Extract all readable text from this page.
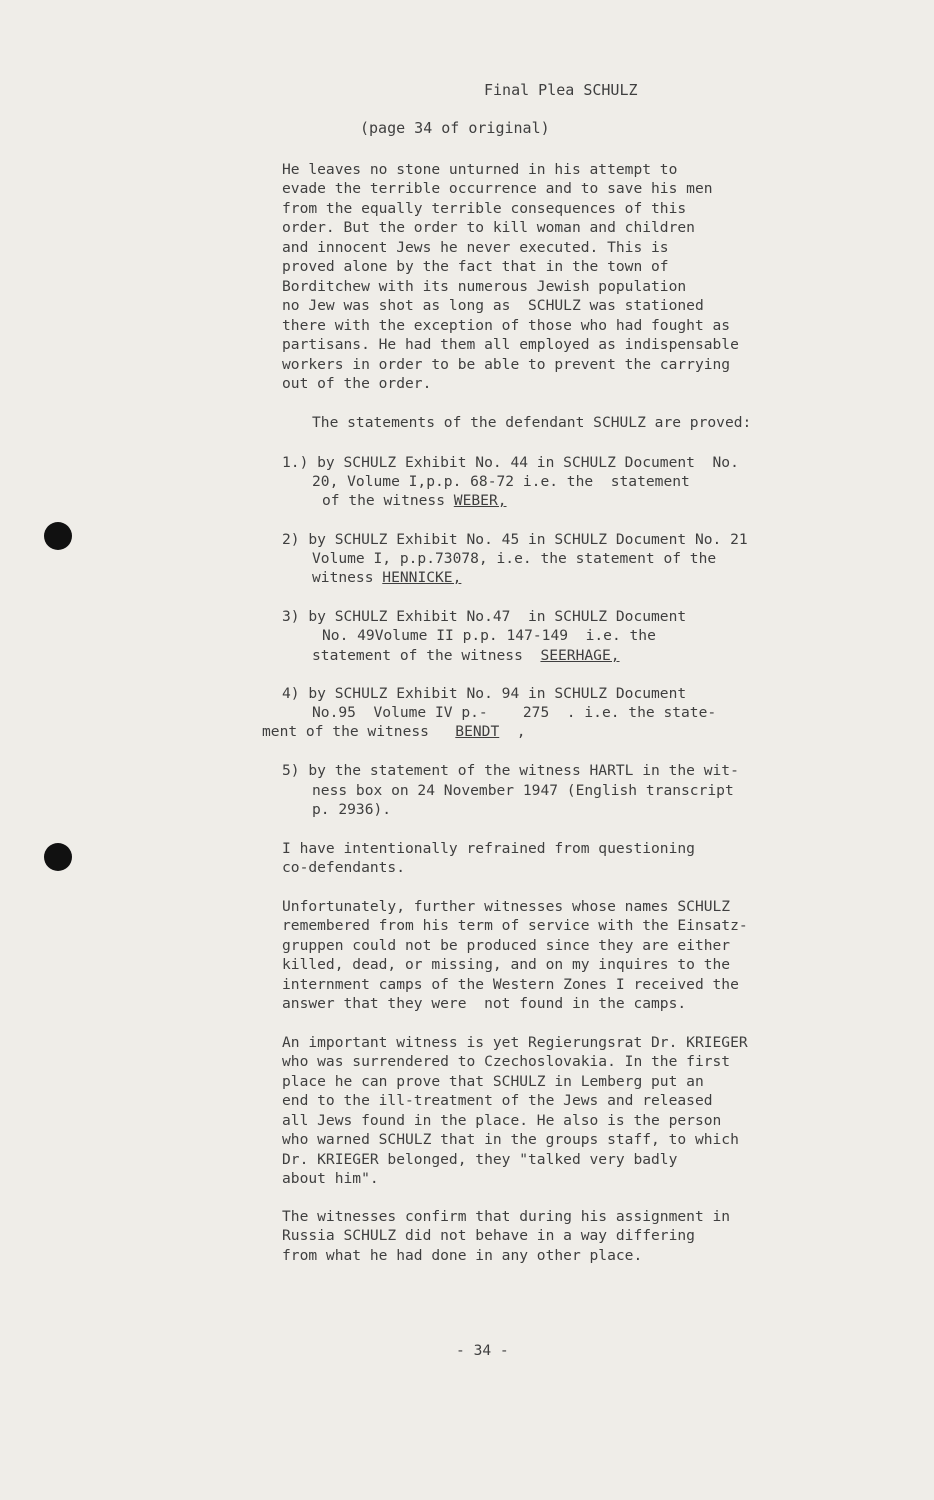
Final Plea SCHULZ
(page 34 of original)
He leaves no stone unturned in his attempt to
evade the terrible occurrence and to save his men
from the equally terrible consequences of this
order. But the order to kill woman and children
and innocent Jews he never executed. This is
proved alone by the fact that in the town of
Borditchew with its numerous Jewish population
no Jew was shot as long as  SCHULZ was stationed
there with the exception of those who had fought as
partisans. He had them all employed as indispensable
workers in order to be able to prevent the carrying
out of the order.
The statements of the defendant SCHULZ are proved:
1.) by SCHULZ Exhibit No. 44 in SCHULZ Document  No.
20, Volume I,p.p. 68-72 i.e. the  statement
of the witness WEBER,
2) by SCHULZ Exhibit No. 45 in SCHULZ Document No. 21
Volume I, p.p.73078, i.e. the statement of the
witness HENNICKE,
3) by SCHULZ Exhibit No.47  in SCHULZ Document
No. 49Volume II p.p. 147-149  i.e. the
statement of the witness  SEERHAGE,
4) by SCHULZ Exhibit No. 94 in SCHULZ Document
No.95  Volume IV p.-    275  . i.e. the state-
ment of the witness   BENDT  ,
5) by the statement of the witness HARTL in the wit-
ness box on 24 November 1947 (English transcript
p. 2936).
I have intentionally refrained from questioning
co-defendants.
Unfortunately, further witnesses whose names SCHULZ
remembered from his term of service with the Einsatz-
gruppen could not be produced since they are either
killed, dead, or missing, and on my inquires to the
internment camps of the Western Zones I received the
answer that they were  not found in the camps.
An important witness is yet Regierungsrat Dr. KRIEGER
who was surrendered to Czechoslovakia. In the first
place he can prove that SCHULZ in Lemberg put an
end to the ill-treatment of the Jews and released
all Jews found in the place. He also is the person
who warned SCHULZ that in the groups staff, to which
Dr. KRIEGER belonged, they "talked very badly
about him".
The witnesses confirm that during his assignment in
Russia SCHULZ did not behave in a way differing
from what he had done in any other place.
- 34 -
